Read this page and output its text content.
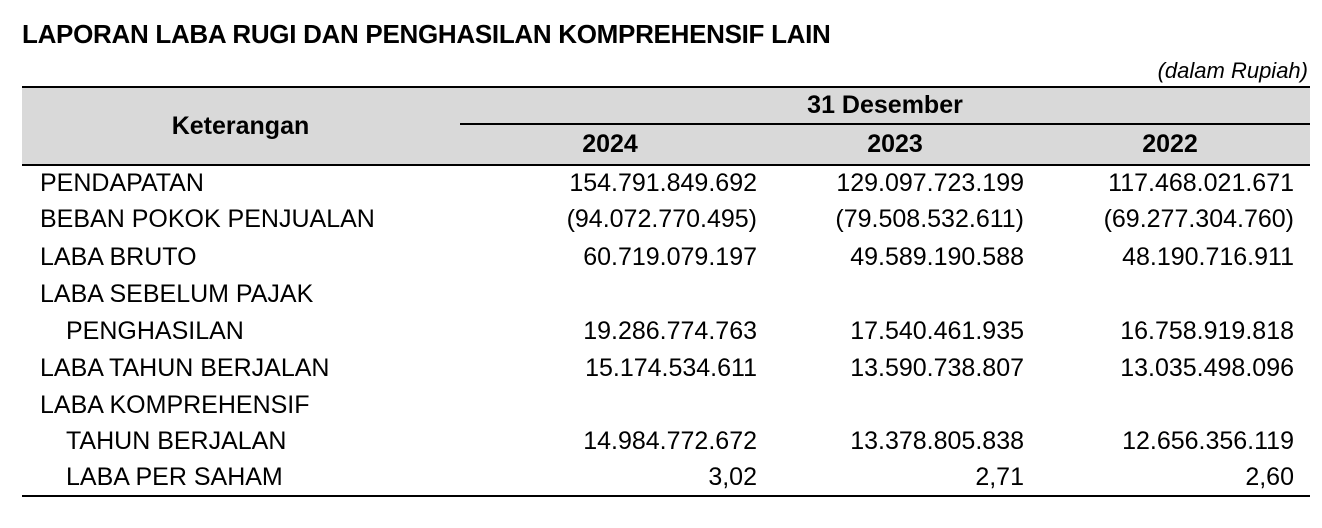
LAPORAN LABA RUGI DAN PENGHASILAN KOMPREHENSIF LAIN
(dalam Rupiah)
Keterangan
31 Desember
2024	2023	2022
PENDAPATAN	154.791.849.692	129.097.723.199	117.468.021.671
BEBAN POKOK PENJUALAN	(94.072.770.495)	(79.508.532.611)	(69.277.304.760)
LABA BRUTO	60.719.079.197	49.589.190.588	48.190.716.911
LABA SEBELUM PAJAK
PENGHASILAN	19.286.774.763	17.540.461.935	16.758.919.818
LABA TAHUN BERJALAN	15.174.534.611	13.590.738.807	13.035.498.096
LABA KOMPREHENSIF
TAHUN BERJALAN	14.984.772.672	13.378.805.838	12.656.356.119
LABA PER SAHAM	3,02	2,71	2,60
